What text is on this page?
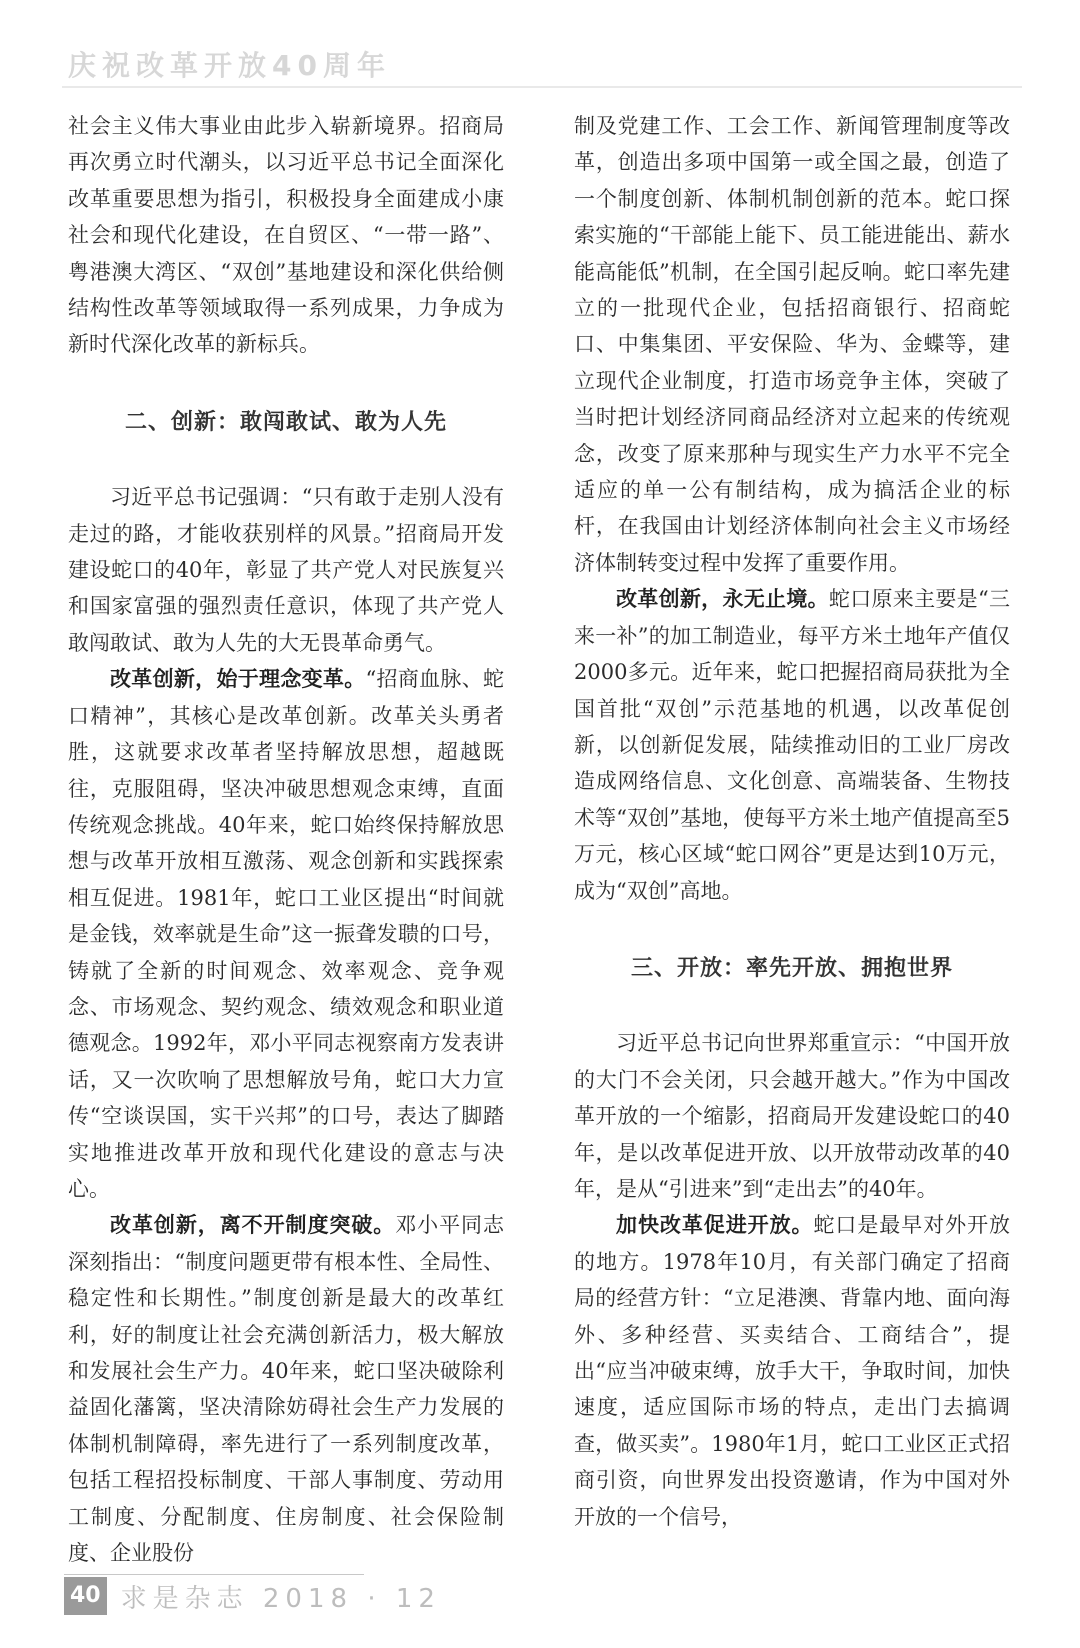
庆祝改革开放40周年

社会主义伟大事业由此步入崭新境界。招商局再次勇立时代潮头，以习近平总书记全面深化改革重要思想为指引，积极投身全面建成小康社会和现代化建设，在自贸区、“一带一路”、粤港澳大湾区、“双创”基地建设和深化供给侧结构性改革等领域取得一系列成果，力争成为新时代深化改革的新标兵。

二、创新：敢闯敢试、敢为人先

习近平总书记强调：“只有敢于走别人没有走过的路，才能收获别样的风景。”招商局开发建设蛇口的40年，彰显了共产党人对民族复兴和国家富强的强烈责任意识，体现了共产党人敢闯敢试、敢为人先的大无畏革命勇气。

改革创新，始于理念变革。“招商血脉、蛇口精神”，其核心是改革创新。改革关头勇者胜，这就要求改革者坚持解放思想，超越既往，克服阻碍，坚决冲破思想观念束缚，直面传统观念挑战。40年来，蛇口始终保持解放思想与改革开放相互激荡、观念创新和实践探索相互促进。1981年，蛇口工业区提出“时间就是金钱，效率就是生命”这一振聋发聩的口号，铸就了全新的时间观念、效率观念、竞争观念、市场观念、契约观念、绩效观念和职业道德观念。1992年，邓小平同志视察南方发表讲话，又一次吹响了思想解放号角，蛇口大力宣传“空谈误国，实干兴邦”的口号，表达了脚踏实地推进改革开放和现代化建设的意志与决心。

改革创新，离不开制度突破。邓小平同志深刻指出：“制度问题更带有根本性、全局性、稳定性和长期性。”制度创新是最大的改革红利，好的制度让社会充满创新活力，极大解放和发展社会生产力。40年来，蛇口坚决破除利益固化藩篱，坚决清除妨碍社会生产力发展的体制机制障碍，率先进行了一系列制度改革，包括工程招投标制度、干部人事制度、劳动用工制度、分配制度、住房制度、社会保险制度、企业股份

制及党建工作、工会工作、新闻管理制度等改革，创造出多项中国第一或全国之最，创造了一个制度创新、体制机制创新的范本。蛇口探索实施的“干部能上能下、员工能进能出、薪水能高能低”机制，在全国引起反响。蛇口率先建立的一批现代企业，包括招商银行、招商蛇口、中集集团、平安保险、华为、金蝶等，建立现代企业制度，打造市场竞争主体，突破了当时把计划经济同商品经济对立起来的传统观念，改变了原来那种与现实生产力水平不完全适应的单一公有制结构，成为搞活企业的标杆，在我国由计划经济体制向社会主义市场经济体制转变过程中发挥了重要作用。

改革创新，永无止境。蛇口原来主要是“三来一补”的加工制造业，每平方米土地年产值仅2000多元。近年来，蛇口把握招商局获批为全国首批“双创”示范基地的机遇，以改革促创新，以创新促发展，陆续推动旧的工业厂房改造成网络信息、文化创意、高端装备、生物技术等“双创”基地，使每平方米土地产值提高至5万元，核心区域“蛇口网谷”更是达到10万元，成为“双创”高地。

三、开放：率先开放、拥抱世界

习近平总书记向世界郑重宣示：“中国开放的大门不会关闭，只会越开越大。”作为中国改革开放的一个缩影，招商局开发建设蛇口的40年，是以改革促进开放、以开放带动改革的40年，是从“引进来”到“走出去”的40年。

加快改革促进开放。蛇口是最早对外开放的地方。1978年10月，有关部门确定了招商局的经营方针：“立足港澳、背靠内地、面向海外、多种经营、买卖结合、工商结合”，提出“应当冲破束缚，放手大干，争取时间，加快速度，适应国际市场的特点，走出门去搞调查，做买卖”。1980年1月，蛇口工业区正式招商引资，向世界发出投资邀请，作为中国对外开放的一个信号，

40 求是杂志 2018 · 12
